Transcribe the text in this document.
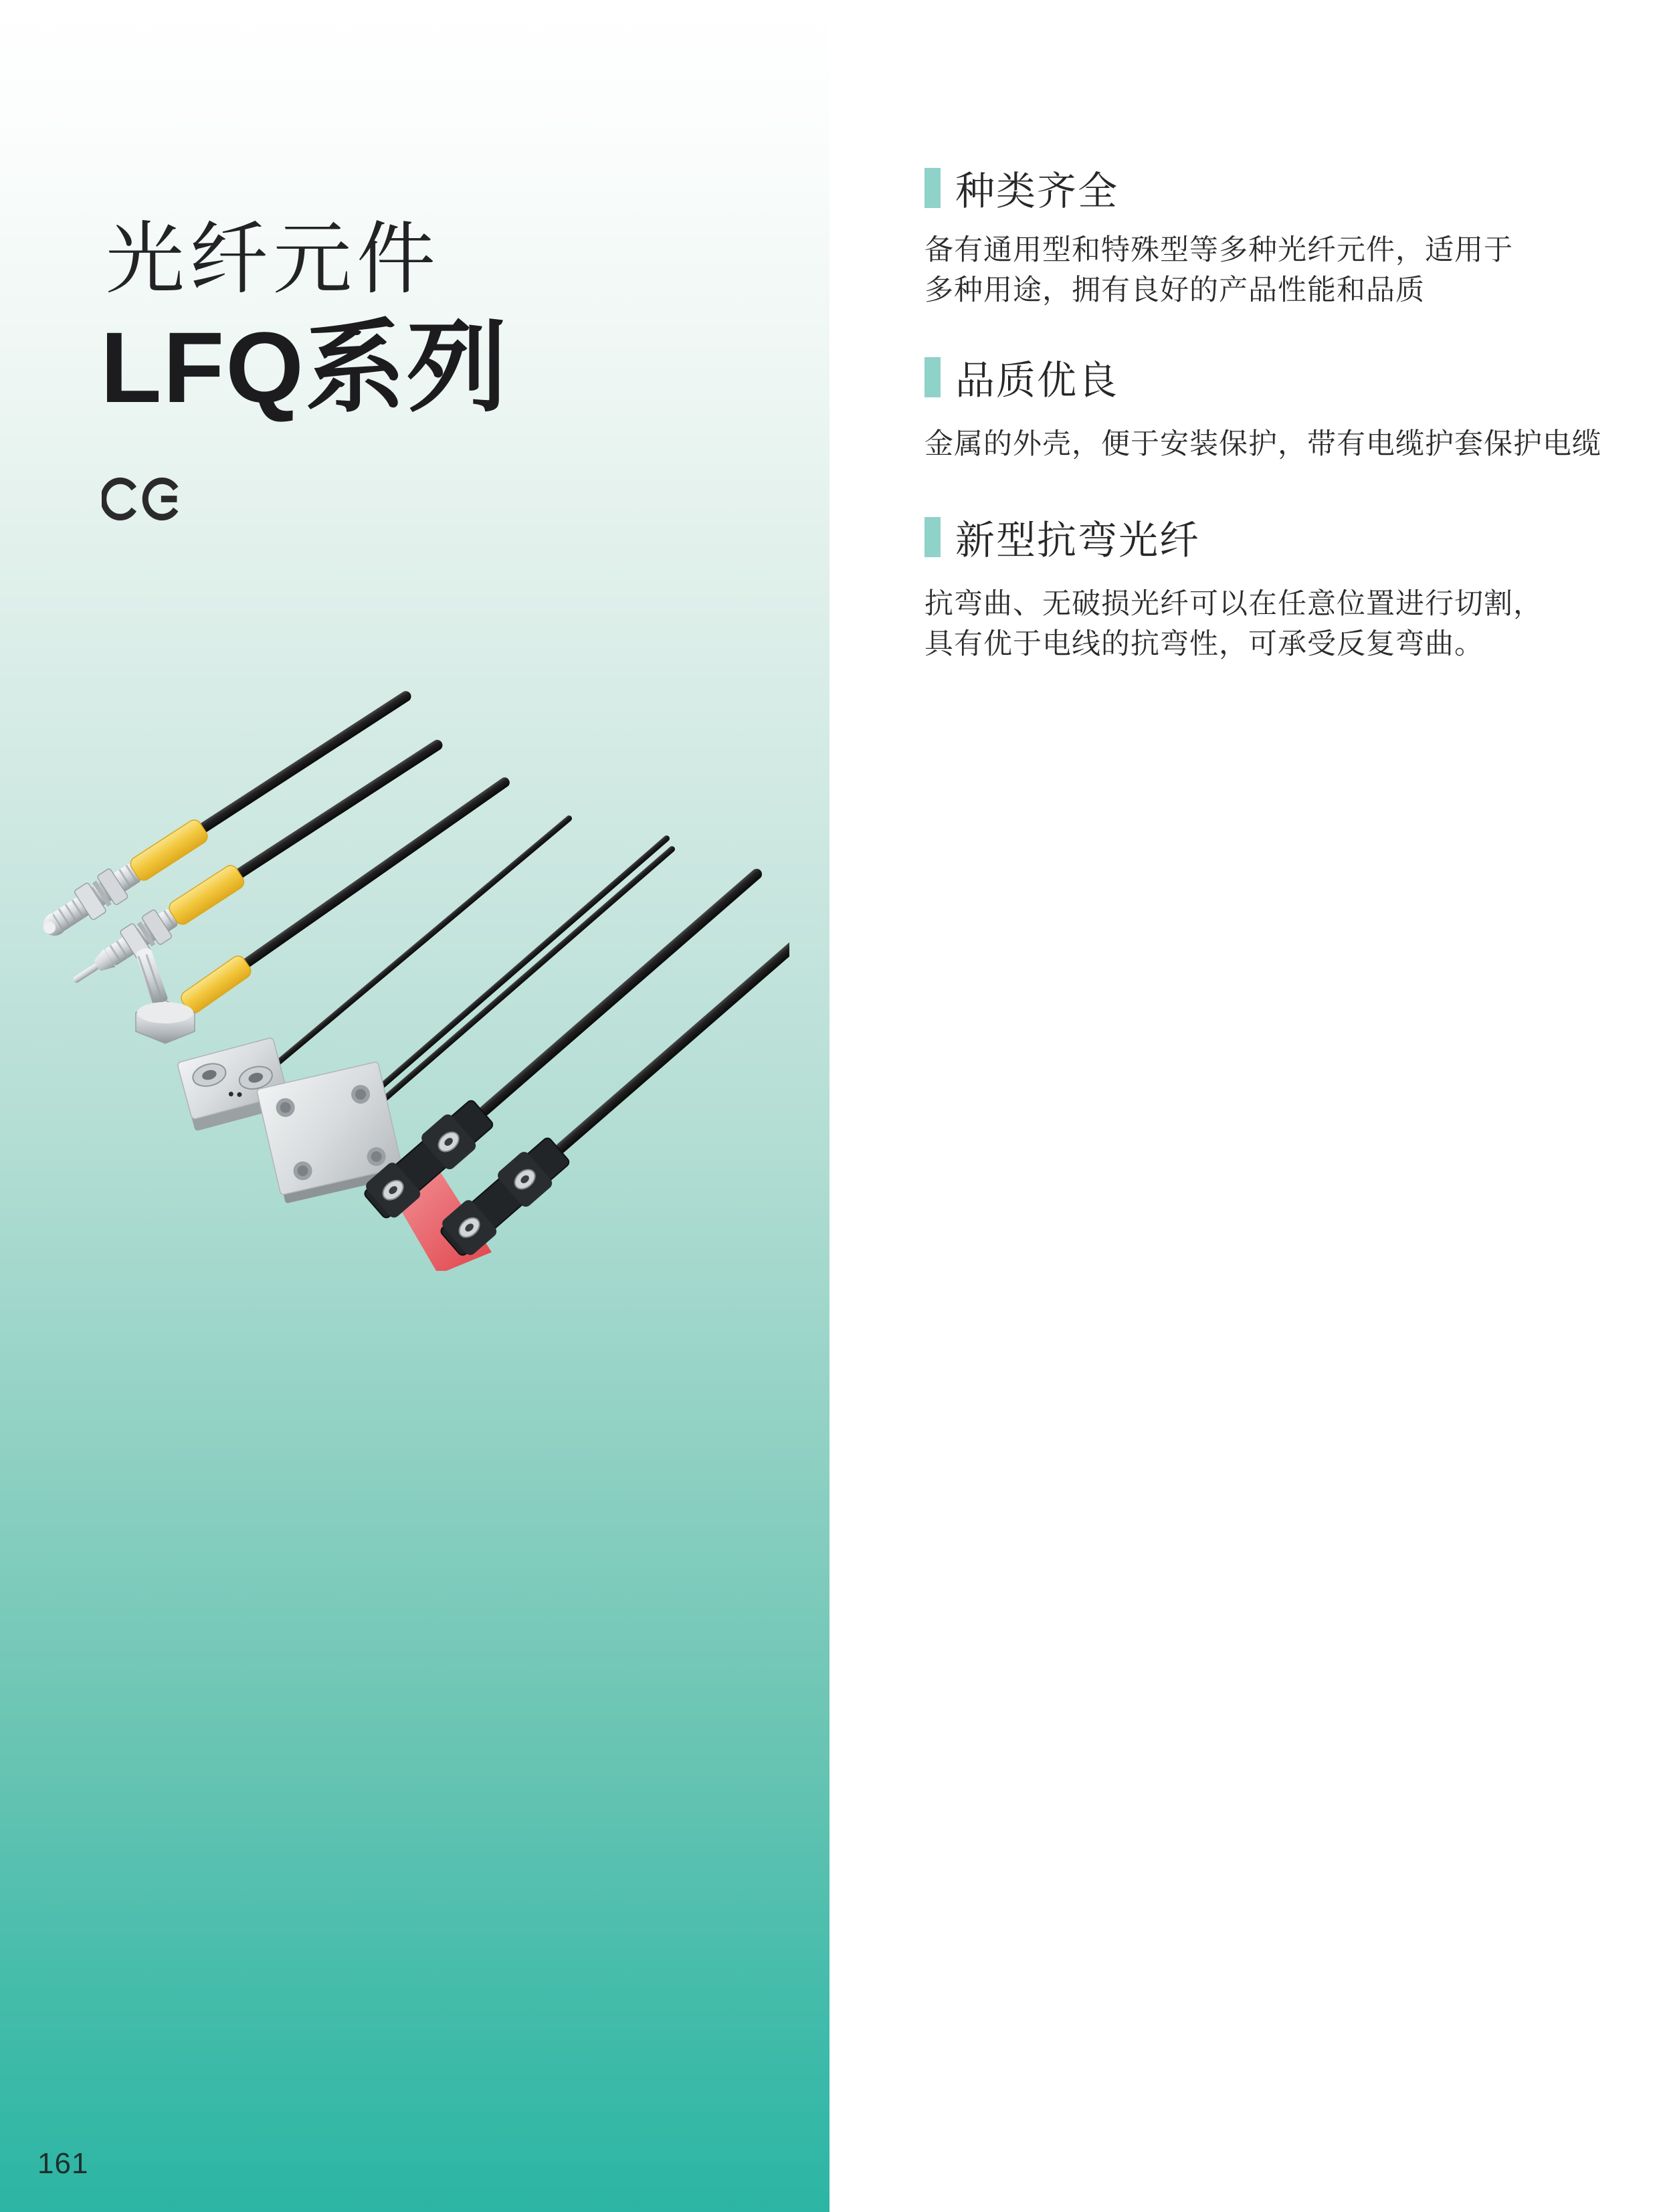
光纤元件
LFQ系列
161
种类齐全
备有通用型和特殊型等多种光纤元件，适用于
多种用途，拥有良好的产品性能和品质
品质优良
金属的外壳，便于安装保护，带有电缆护套保护电缆
新型抗弯光纤
抗弯曲、无破损光纤可以在任意位置进行切割，
具有优于电线的抗弯性，可承受反复弯曲。
